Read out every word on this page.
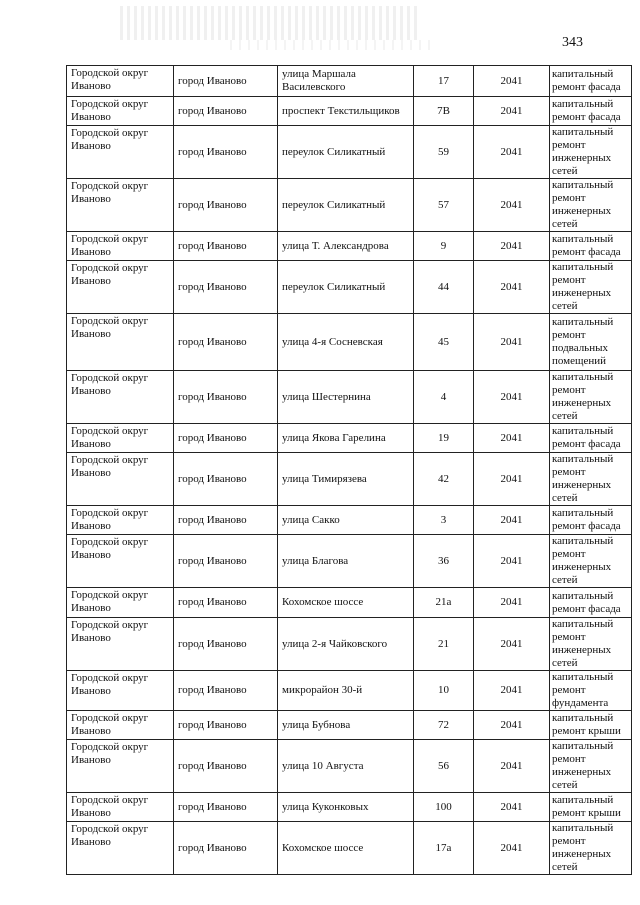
343
Городской округ Иваново	город Иваново	улица Маршала Василевского	17	2041	капитальный ремонт фасада
Городской округ Иваново	город Иваново	проспект Текстильщиков	7В	2041	капитальный ремонт фасада
Городской округ Иваново	город Иваново	переулок Силикатный	59	2041	капитальный ремонт инженерных сетей
Городской округ Иваново	город Иваново	переулок Силикатный	57	2041	капитальный ремонт инженерных сетей
Городской округ Иваново	город Иваново	улица Т. Александрова	9	2041	капитальный ремонт фасада
Городской округ Иваново	город Иваново	переулок Силикатный	44	2041	капитальный ремонт инженерных сетей
Городской округ Иваново	город Иваново	улица 4-я Сосневская	45	2041	капитальный ремонт подвальных помещений
Городской округ Иваново	город Иваново	улица Шестернина	4	2041	капитальный ремонт инженерных сетей
Городской округ Иваново	город Иваново	улица Якова Гарелина	19	2041	капитальный ремонт фасада
Городской округ Иваново	город Иваново	улица Тимирязева	42	2041	капитальный ремонт инженерных сетей
Городской округ Иваново	город Иваново	улица Сакко	3	2041	капитальный ремонт фасада
Городской округ Иваново	город Иваново	улица Благова	36	2041	капитальный ремонт инженерных сетей
Городской округ Иваново	город Иваново	Кохомское шоссе	21а	2041	капитальный ремонт фасада
Городской округ Иваново	город Иваново	улица 2-я Чайковского	21	2041	капитальный ремонт инженерных сетей
Городской округ Иваново	город Иваново	микрорайон 30-й	10	2041	капитальный ремонт фундамента
Городской округ Иваново	город Иваново	улица Бубнова	72	2041	капитальный ремонт крыши
Городской округ Иваново	город Иваново	улица 10 Августа	56	2041	капитальный ремонт инженерных сетей
Городской округ Иваново	город Иваново	улица Куконковых	100	2041	капитальный ремонт крыши
Городской округ Иваново	город Иваново	Кохомское шоссе	17а	2041	капитальный ремонт инженерных сетей
